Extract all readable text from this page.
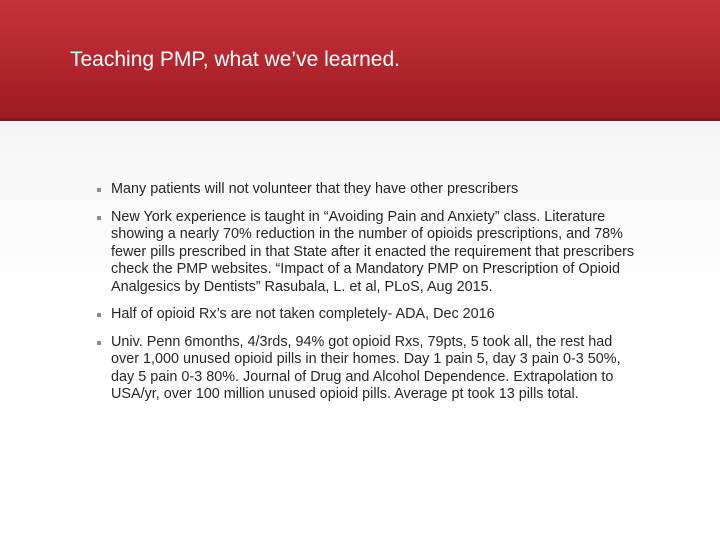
Teaching PMP, what we’ve learned.
Many patients will not volunteer that they have other prescribers
New York experience is taught in “Avoiding Pain and Anxiety” class. Literature showing a nearly 70% reduction in the number of opioids prescriptions, and 78% fewer pills prescribed in that State after it enacted the requirement that prescribers check the PMP websites. “Impact of a Mandatory PMP on Prescription of Opioid Analgesics by Dentists” Rasubala, L. et al, PLoS, Aug 2015.
Half of opioid Rx’s are not taken completely- ADA, Dec 2016
Univ. Penn 6months, 4/3rds, 94% got opioid Rxs, 79pts, 5 took all, the rest had over 1,000 unused opioid pills in their homes. Day 1 pain 5, day 3 pain 0-3 50%, day 5 pain 0-3 80%. Journal of Drug and Alcohol Dependence. Extrapolation to USA/yr, over 100 million unused opioid pills. Average pt took 13 pills total.
